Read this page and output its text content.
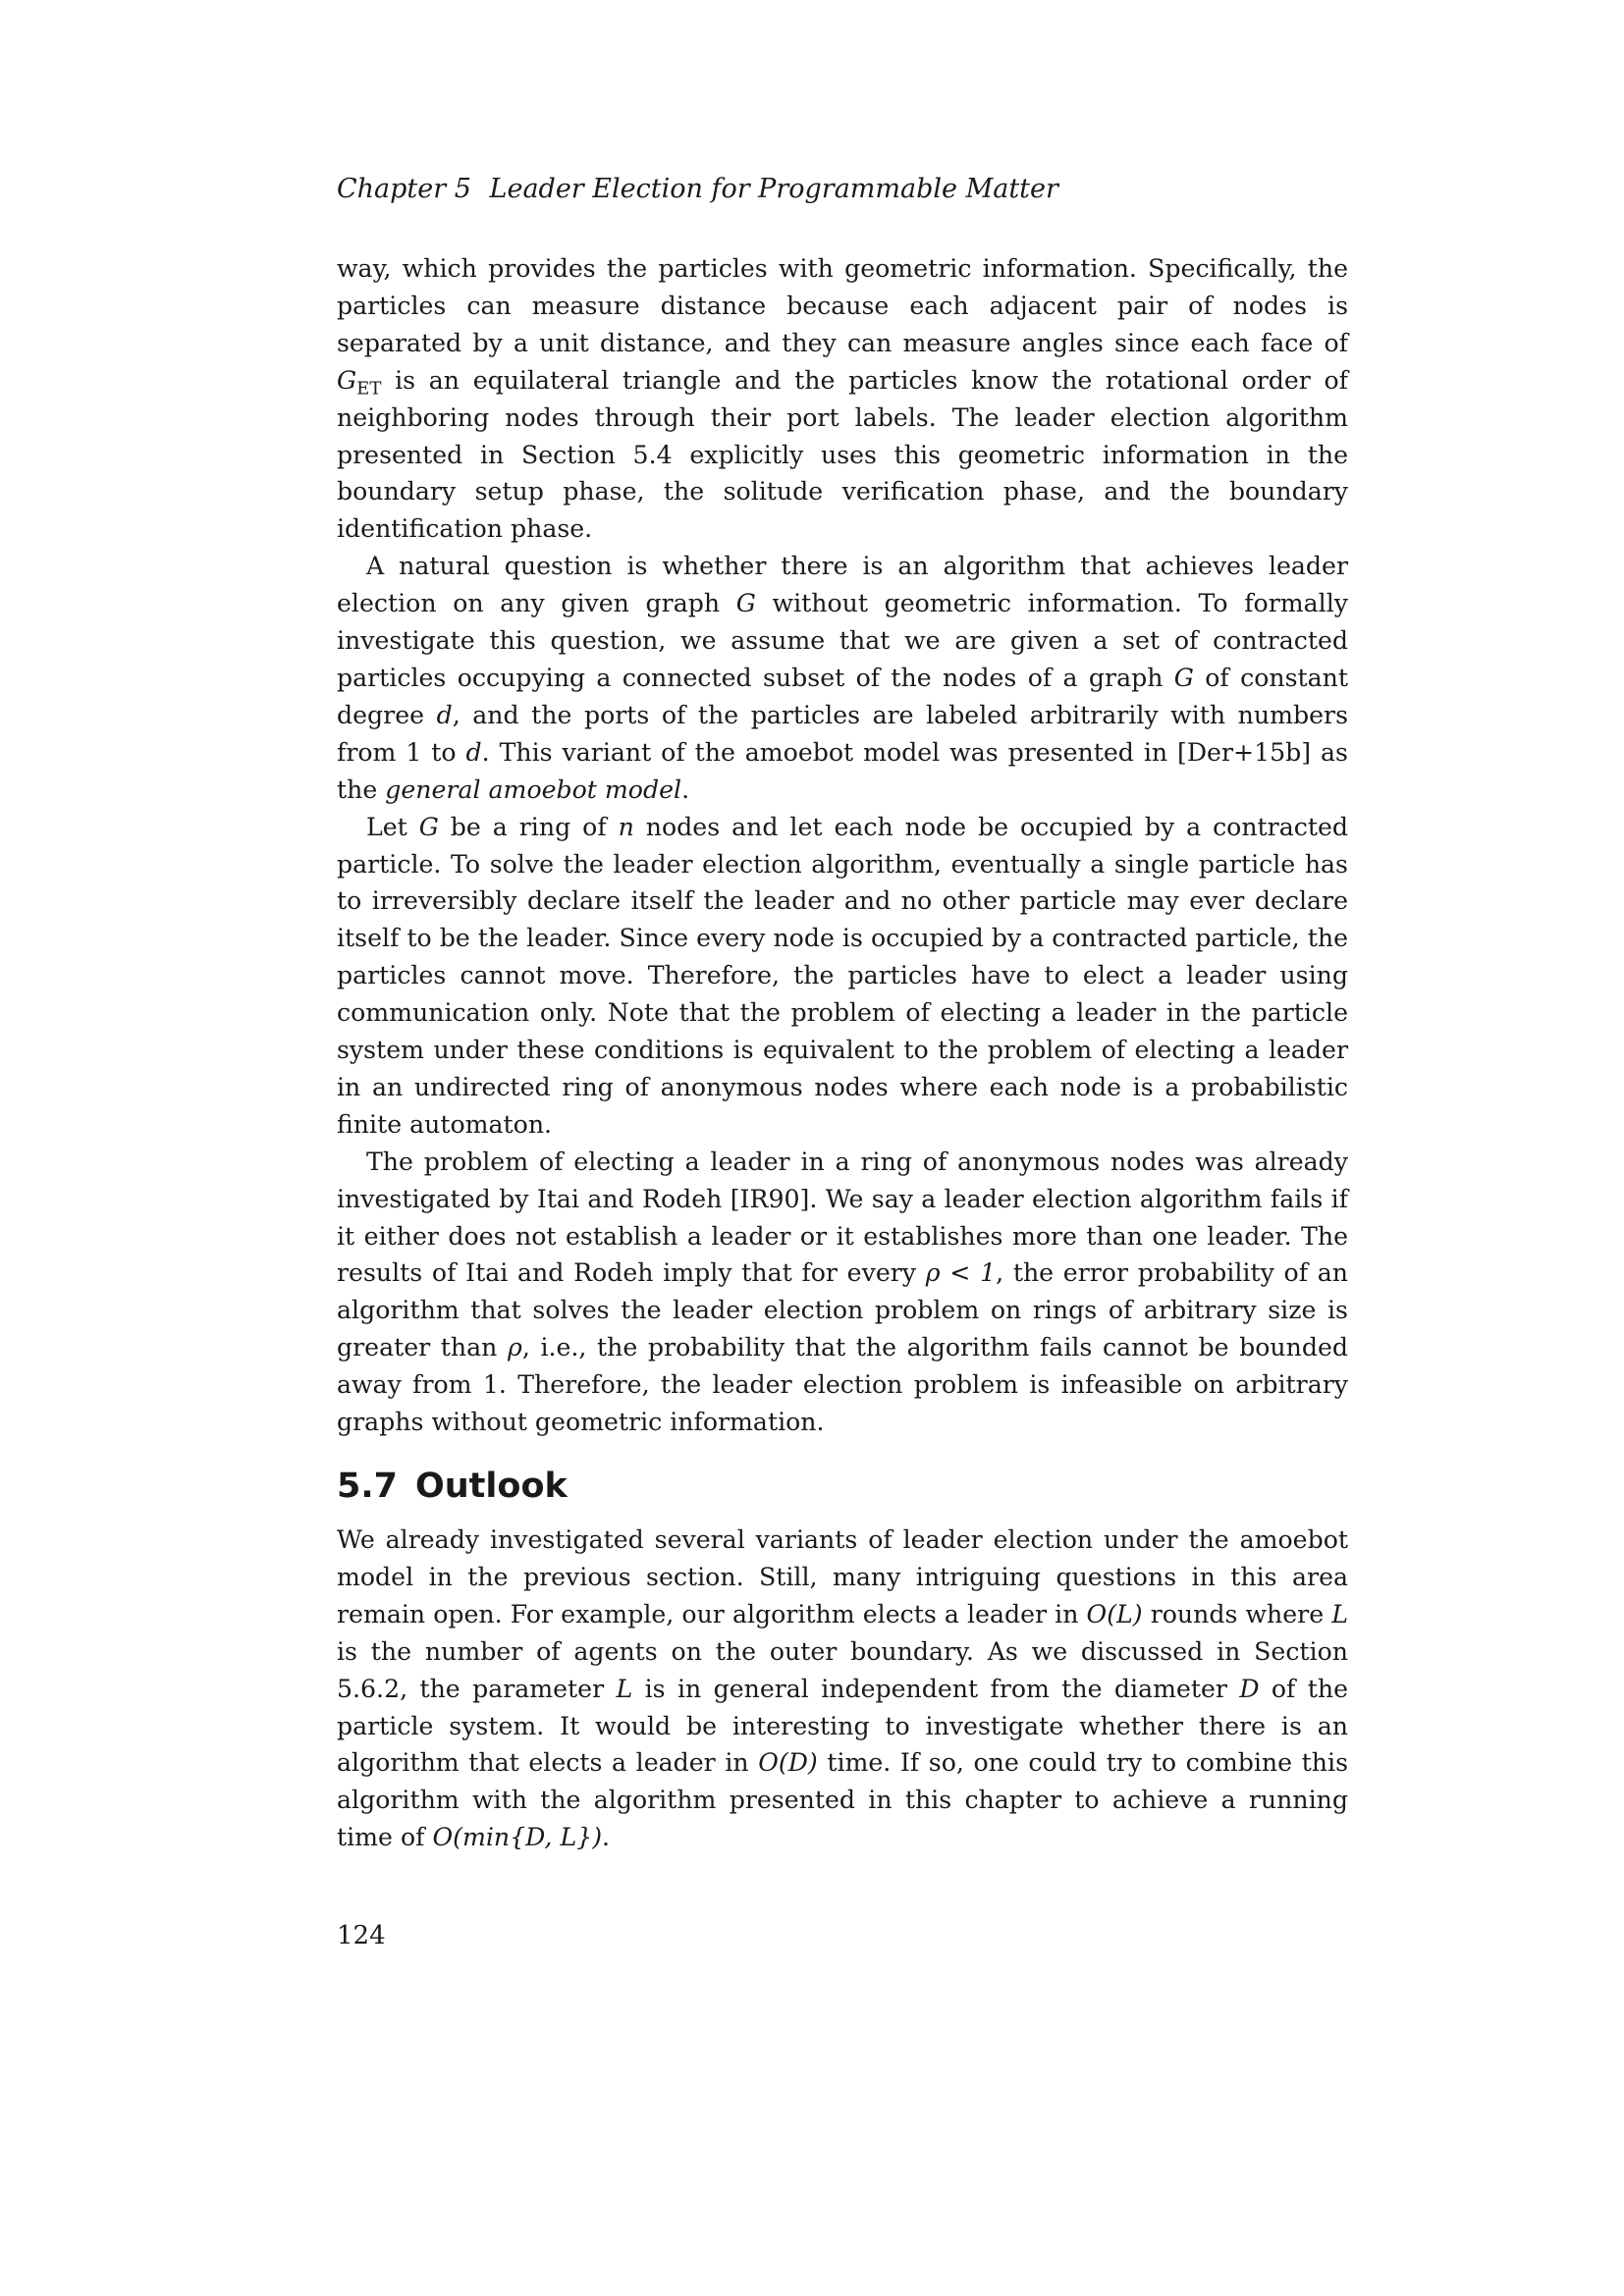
Chapter 5 Leader Election for Programmable Matter

way, which provides the particles with geometric information. Specifically, the particles can measure distance because each adjacent pair of nodes is separated by a unit distance, and they can measure angles since each face of $G_{ET}$ is an equilateral triangle and the particles know the rotational order of neighboring nodes through their port labels. The leader election algorithm presented in Section 5.4 explicitly uses this geometric information in the boundary setup phase, the solitude verification phase, and the boundary identification phase.

A natural question is whether there is an algorithm that achieves leader election on any given graph G without geometric information. To formally investigate this question, we assume that we are given a set of contracted particles occupying a connected subset of the nodes of a graph G of constant degree d, and the ports of the particles are labeled arbitrarily with numbers from 1 to d. This variant of the amoebot model was presented in [Der+15b] as the general amoebot model.

Let G be a ring of n nodes and let each node be occupied by a contracted particle. To solve the leader election algorithm, eventually a single particle has to irreversibly declare itself the leader and no other particle may ever declare itself to be the leader. Since every node is occupied by a contracted particle, the particles cannot move. Therefore, the particles have to elect a leader using communication only. Note that the problem of electing a leader in the particle system under these conditions is equivalent to the problem of electing a leader in an undirected ring of anonymous nodes where each node is a probabilistic finite automaton.

The problem of electing a leader in a ring of anonymous nodes was already investigated by Itai and Rodeh [IR90]. We say a leader election algorithm fails if it either does not establish a leader or it establishes more than one leader. The results of Itai and Rodeh imply that for every ρ < 1, the error probability of an algorithm that solves the leader election problem on rings of arbitrary size is greater than ρ, i.e., the probability that the algorithm fails cannot be bounded away from 1. Therefore, the leader election problem is infeasible on arbitrary graphs without geometric information.

5.7 Outlook

We already investigated several variants of leader election under the amoebot model in the previous section. Still, many intriguing questions in this area remain open. For example, our algorithm elects a leader in O(L) rounds where L is the number of agents on the outer boundary. As we discussed in Section 5.6.2, the parameter L is in general independent from the diameter D of the particle system. It would be interesting to investigate whether there is an algorithm that elects a leader in O(D) time. If so, one could try to combine this algorithm with the algorithm presented in this chapter to achieve a running time of O(min{D, L}).

124
